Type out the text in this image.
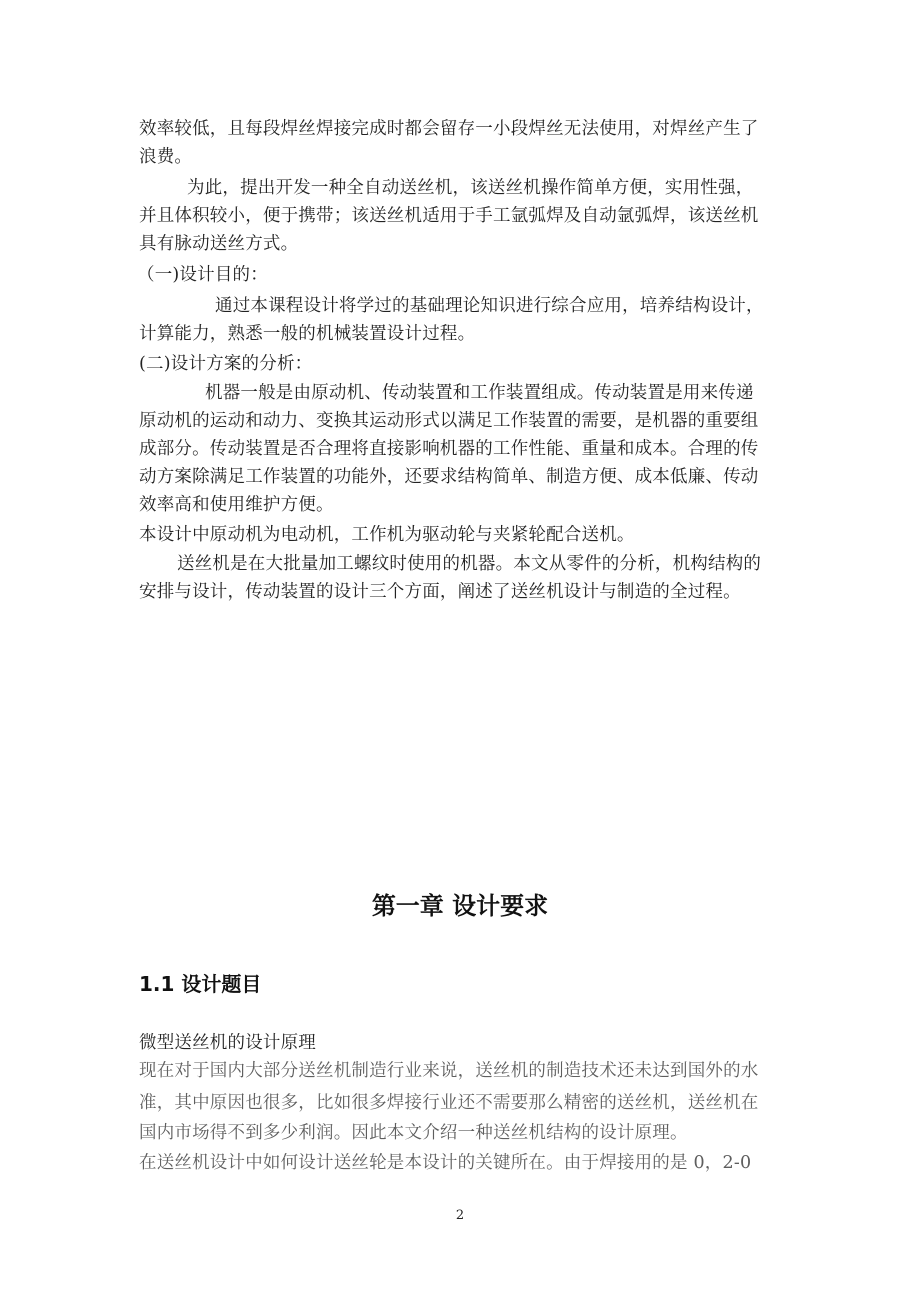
效率较低，且每段焊丝焊接完成时都会留存一小段焊丝无法使用，对焊丝产生了

浪费。

为此，提出开发一种全自动送丝机，该送丝机操作简单方便，实用性强，

并且体积较小，便于携带；该送丝机适用于手工氩弧焊及自动氩弧焊，该送丝机

具有脉动送丝方式。

（一)设计目的：

通过本课程设计将学过的基础理论知识进行综合应用，培养结构设计，

计算能力，熟悉一般的机械装置设计过程。

(二)设计方案的分析：

机器一般是由原动机、传动装置和工作装置组成。传动装置是用来传递

原动机的运动和动力、变换其运动形式以满足工作装置的需要，是机器的重要组

成部分。传动装置是否合理将直接影响机器的工作性能、重量和成本。合理的传

动方案除满足工作装置的功能外，还要求结构简单、制造方便、成本低廉、传动

效率高和使用维护方便。

本设计中原动机为电动机，工作机为驱动轮与夹紧轮配合送机。

送丝机是在大批量加工螺纹时使用的机器。本文从零件的分析，机构结构的

安排与设计，传动装置的设计三个方面，阐述了送丝机设计与制造的全过程。

第一章 设计要求
1.1 设计题目

微型送丝机的设计原理

现在对于国内大部分送丝机制造行业来说，送丝机的制造技术还未达到国外的水

准，其中原因也很多，比如很多焊接行业还不需要那么精密的送丝机，送丝机在

国内市场得不到多少利润。因此本文介绍一种送丝机结构的设计原理。

在送丝机设计中如何设计送丝轮是本设计的关键所在。由于焊接用的是 0，2-0

2
